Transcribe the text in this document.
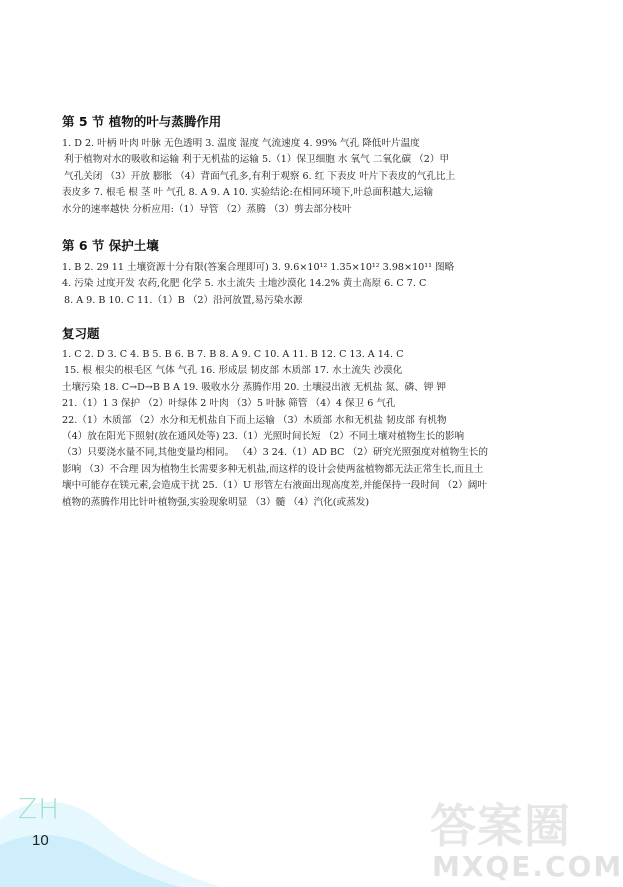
第 5 节 植物的叶与蒸腾作用
1. D 2. 叶柄 叶肉 叶脉 无色透明 3. 温度 湿度 气流速度 4. 99% 气孔 降低叶片温度
利于植物对水的吸收和运输 利于无机盐的运输 5.（1）保卫细胞 水 氧气 二氧化碳 （2）甲
气孔关闭 （3）开放 膨胀 （4）背面气孔多,有利于观察 6. 红 下表皮 叶片下表皮的气孔比上
表皮多 7. 根毛 根 茎 叶 气孔 8. A 9. A 10. 实验结论:在相同环境下,叶总面积越大,运输
水分的速率越快 分析应用:（1）导管 （2）蒸腾 （3）剪去部分枝叶
第 6 节 保护土壤
1. B 2. 29 11 土壤资源十分有限(答案合理即可) 3. 9.6×10¹² 1.35×10¹² 3.98×10¹¹ 图略
4. 污染 过度开发 农药,化肥 化学 5. 水土流失 土地沙漠化 14.2% 黄土高原 6. C 7. C
8. A 9. B 10. C 11.（1）B （2）沿河放置,易污染水源
复习题
1. C 2. D 3. C 4. B 5. B 6. B 7. B 8. A 9. C 10. A 11. B 12. C 13. A 14. C
15. 根 根尖的根毛区 气体 气孔 16. 形成层 韧皮部 木质部 17. 水土流失 沙漠化
土壤污染 18. C→D→B B A 19. 吸收水分 蒸腾作用 20. 土壤浸出液 无机盐 氮、磷、钾 钾
21.（1）1 3 保护 （2）叶绿体 2 叶肉 （3）5 叶脉 筛管 （4）4 保卫 6 气孔
22.（1）木质部 （2）水分和无机盐自下而上运输 （3）木质部 水和无机盐 韧皮部 有机物
（4）放在阳光下照射(放在通风处等) 23.（1）光照时间长短 （2）不同土壤对植物生长的影响
（3）只要浇水量不同,其他变量均相同。 （4）3 24.（1）AD BC （2）研究光照强度对植物生长的
影响 （3）不合理 因为植物生长需要多种无机盐,而这样的设计会使两盆植物都无法正常生长,而且土
壤中可能存在镁元素,会造成干扰 25.（1）U 形管左右液面出现高度差,并能保持一段时间 （2）阔叶
植物的蒸腾作用比针叶植物强,实验现象明显 （3）髓 （4）汽化(或蒸发)
ZH
10	答案圈
MXQE.COM
